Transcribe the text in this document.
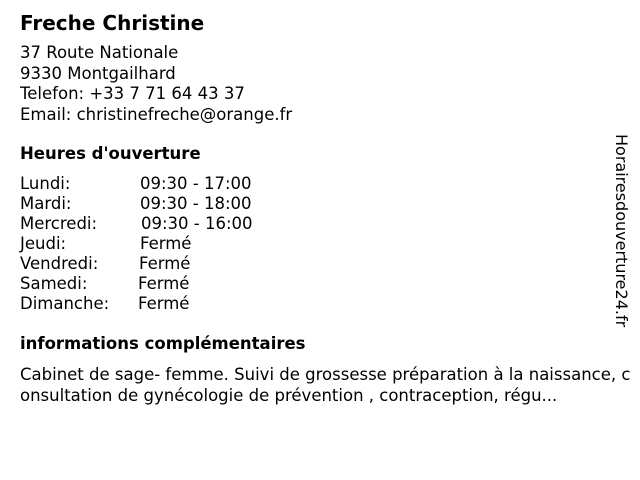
Freche Christine
37 Route Nationale
9330 Montgailhard
Telefon: +33 7 71 64 43 37
Email: christinefreche@orange.fr
Heures d'ouverture
Lundi:	09:30 - 17:00
Mardi:	09:30 - 18:00
Mercredi:	09:30 - 16:00
Jeudi:	Fermé
Vendredi: Fermé
Samedi:	Fermé
Dimanche: Fermé
informations complémentaires
Cabinet de sage- femme. Suivi de grossesse préparation à la naissance, consultation de gynécologie de prévention , contraception, régu...
Horairesdouverture24.fr
